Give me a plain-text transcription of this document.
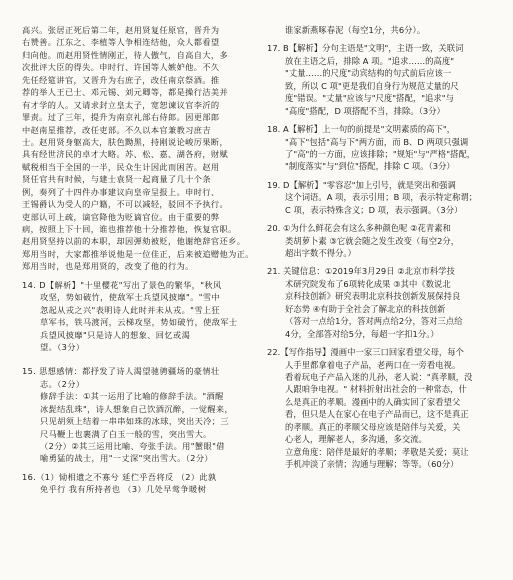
高兴。张居正死后第二年，赵用贤复任原官，晋升为
右赞善。江东之、李植等人争相连结他，众人都看望
归向他。而赵用贤性情刚正，待人傲气，自高自大，多
次批评大臣的得失。申时行、许国等人嫉妒他。不久
先任经筵讲官，又晋升为右庶子，改任南京祭酒。推
荐的举人王已士、邓元锡、刘元卿等，都是操行洁美并
有才学的人。又请求封立皇太子，宽恕谏议官李沂的
罪责。过了三年，提升为南京礼部右侍郎。因更部郎
中赵南星推荐，改任吏部。不久以本官兼教习庶吉
士。赵用贤身躯高大，肤色黝黑，持刚说论峻厉果断，
具有经世济民的卓才大略。苏、松、嘉、湖各府，财赋
赋税相当于全国的一半，民众生计因此而困苦。赵用
贤任官共有时候，与建士袁贤一起商量了几十个条
例，奏列了十四件办事建议向皇帝呈报上。申时行、
王锡爵认为受人的户籍，不可以减轻，驳回不予执行。
吏部认可上疏，谪官降他为贬谪官位。由于重要的弊
病，按照上下十回，谁也推荐他十分推荐他，恢复官职。
赵用贤坚持以前的本职，却因弹劾被贬，他谢绝辞官还乡。
郑用当时，大家都推举说他是一位佳正，后来被追赠他为正。
郑用当时，也是郑用贤的，改变了他的行为。
14. D【解析】"十里樱花"写出了景色的繁华，"秋风
攻坚，势如破竹，使敌军士兵望风披靡"。"雪中
忽起从戎之兴"表明诗人此时并未从戎。"雪上狂
草军书，铁马渡河，云梯攻坚，势如破竹，使敌军士
兵望风披靡"只是诗人的想象、回忆或渴
望。（3分）
15. 思想感情：都抒发了诗人渴望驰骋疆场的豪情壮
志。（2分）
修辞手法：①其一运用了比喻的修辞手法。"酒醒
冰髭结乱珠"，诗人想象自己饮酒沉醉，一觉醒来，
只见胡须上结着一串串如珠的冰球，突出天冷；三
尺马鞭上也裹满了白玉一般的雪，突出雪大。
（2分）②其三运用比喻、夸张手法。用"蟹眼"借
喻勇猛的战士，用"一丈深"突出雪大。（2分）
16.（1）恸相遗之不寡兮 延伫乎吾将反 （2）此孰
免乎行 我有所持者也 （3）几处早莺争暖树
谁家新燕啄春泥（每空1分，共6分）。
17. B【解析】分句主语是"文明"，主语一致，关联词
放在主语之后，排除 A 项。"追求……的高度"
"丈量……的尺度"动宾结构的句式前后应该一
致，所以 C 项"更是我们自身行为规范丈量的尺
度"错误。"丈量"应该与"尺度"搭配，"追求"与
"高度"搭配，D 项搭配不当，排除。（3分）
18. A【解析】上一句的前提是"文明素质的高下"，
"高下"包括"高与下"两方面，而 B、D 两项只强调
了"高"的一方面，应该排除；"规矩"与"严格"搭配，
"制度落实"与"到位"搭配，排除 C 项。（3分）
19. D【解析】"零容忍"加上引号，就是突出和强调
这个词语。A 项，表示引用；B 项，表示特定称谓；
C 项，表示特殊含义；D 项，表示强调。（3分）
20. ①为什么鲜花会有这么多种颜色呢 ②花青素和
类胡萝卜素 ③它就会随之发生改变（每空2分，
超出字数不得分。）
21. 关键信息：①2019年3月29日 ②北京市科学技
术研究院发布了6项转化成果 ③其中《数说北
京科技创新》研究表明北京科技创新发展保持良
好态势 ④有助于全社会了解北京的科技创新
（答对一点给1分，答对两点给2分，答对三点给
4分，全部答对给5分，每超一字扣1分。）
22.【写作指导】漫画中一家三口回家看望父母，每个
人手里都拿着电子产品，老两口在一旁看电视。
看着玩电子产品入迷的儿孙，老人说："真孝顺，没
人跟咱争电视。" 材料折射出社会的一种常态，什
么是真正的孝顺。漫画中的人确实回了家看望父
看，但只是人在家心在电子产品而已，这不是真正
的孝顺。真正的孝顺父母应该是陪伴与关爱，关
心老人，理解老人，多沟通，多交流。
立意角度：陪伴是最好的孝顺；孝敬是关爱；莫让
手机冲淡了亲情；沟通与理解；等等。（60分）
